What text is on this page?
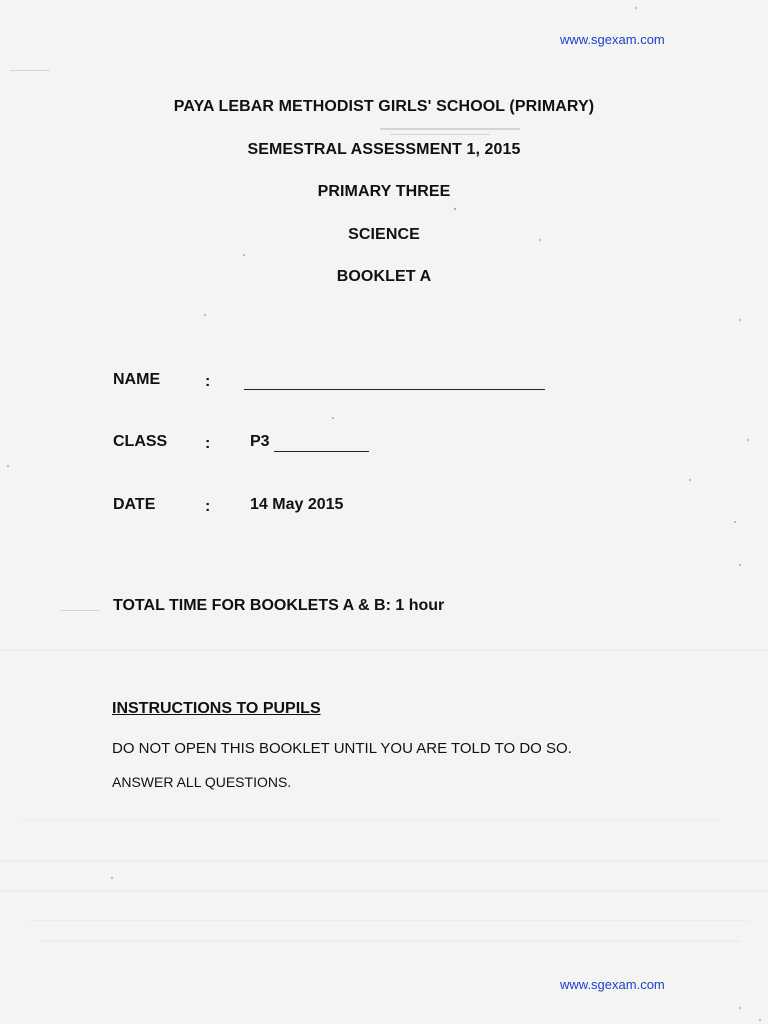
www.sgexam.com
PAYA LEBAR METHODIST GIRLS' SCHOOL (PRIMARY)
SEMESTRAL ASSESSMENT 1, 2015
PRIMARY THREE
SCIENCE
BOOKLET A
NAME	:
CLASS : P3
DATE	: 14 May 2015
TOTAL TIME FOR BOOKLETS A & B: 1 hour
INSTRUCTIONS TO PUPILS
DO NOT OPEN THIS BOOKLET UNTIL YOU ARE TOLD TO DO SO.
ANSWER ALL QUESTIONS.
www.sgexam.com
